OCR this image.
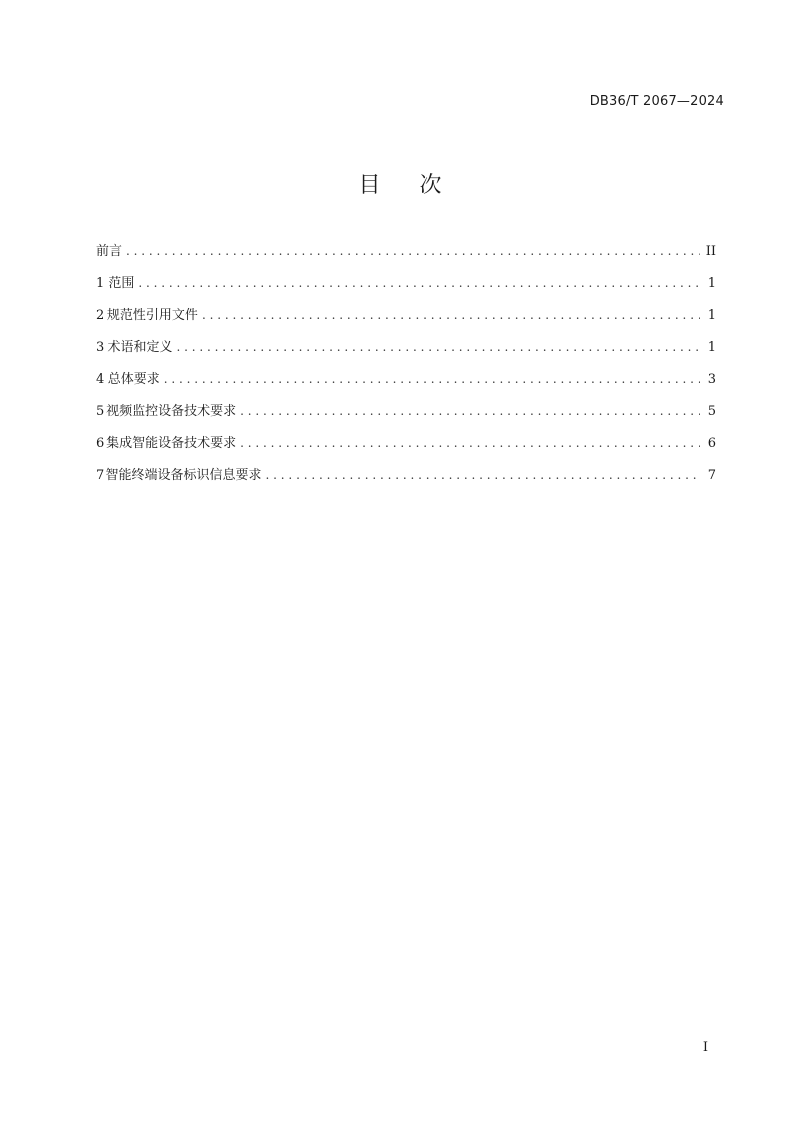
DB36/T 2067—2024
目 次
前言 . . .	II
1 范围 . . .	1
2 规范性引用文件 . . .	1
3 术语和定义 . . .	1
4 总体要求 . . .	3
5 视频监控设备技术要求 . . .	5
6 集成智能设备技术要求 . . .	6
7 智能终端设备标识信息要求 . . .	7
I
